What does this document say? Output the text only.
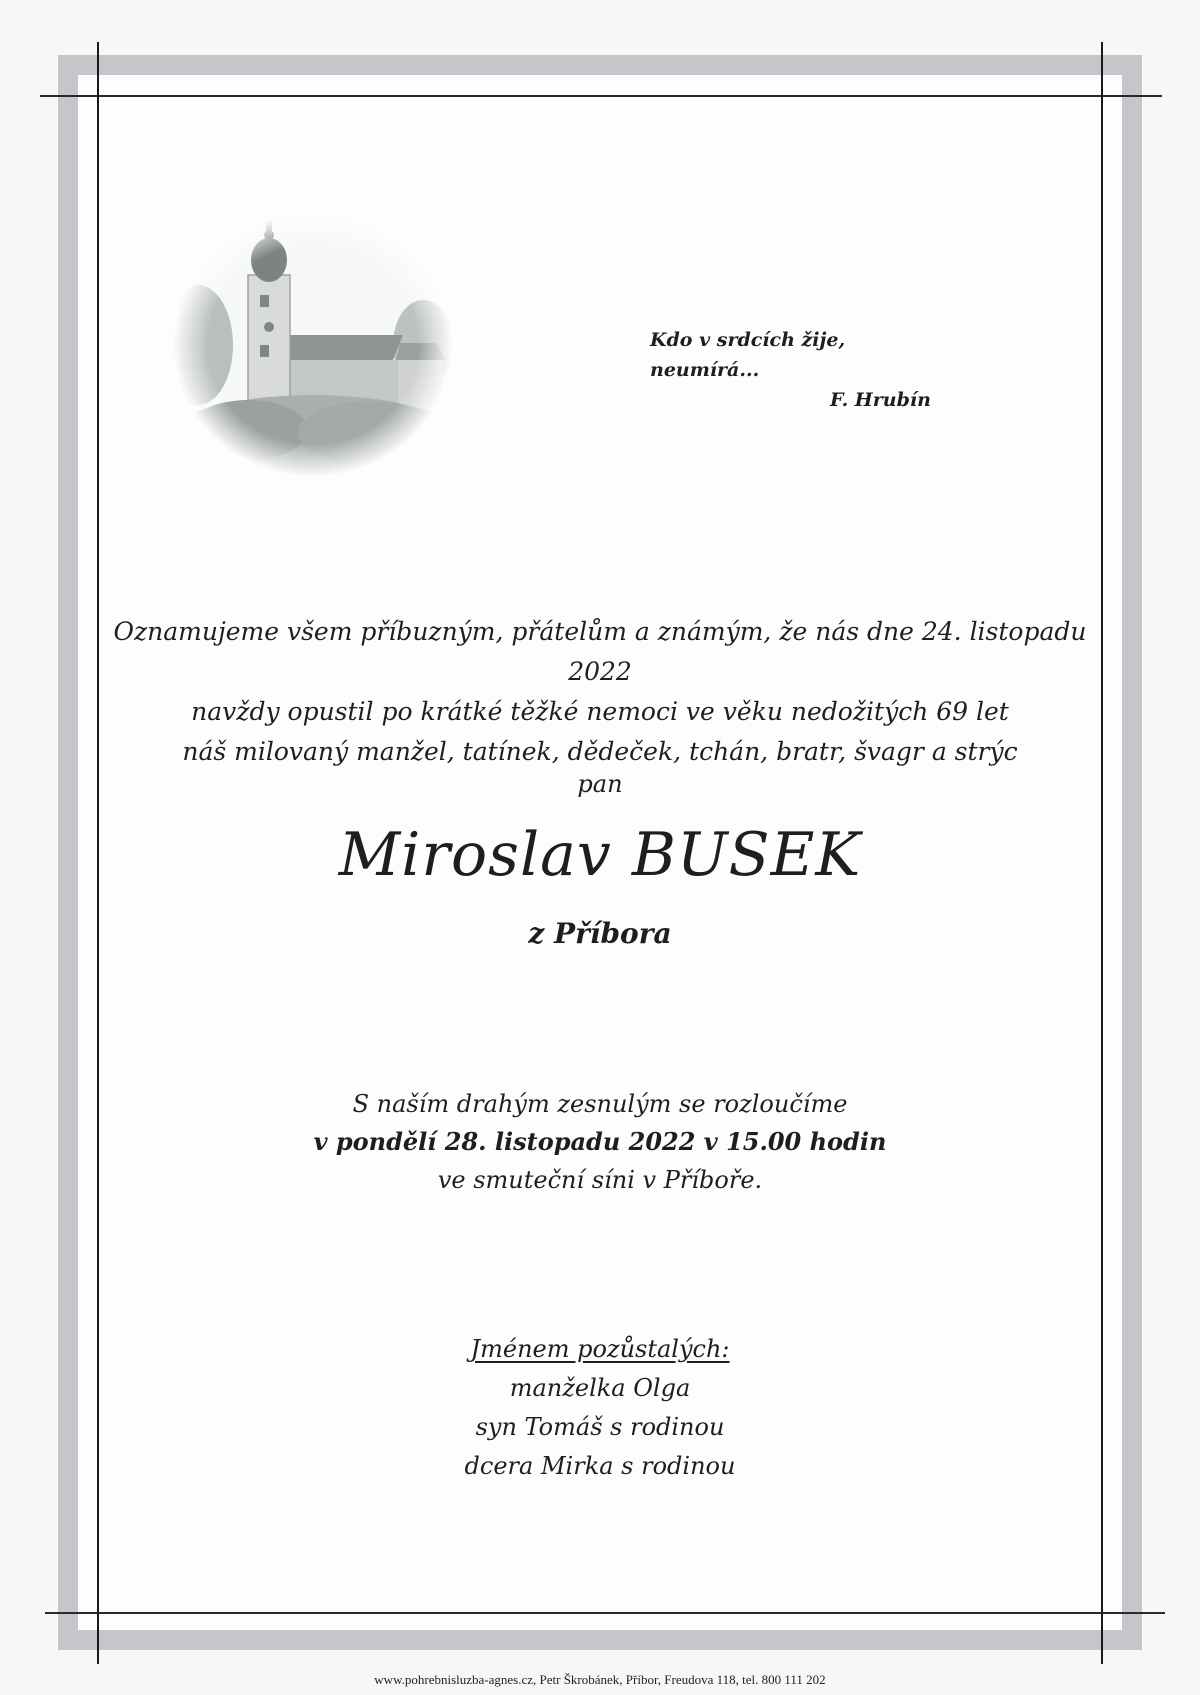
Kdo v srdcích žije, neumírá...
F. Hrubín
Oznamujeme všem příbuzným, přátelům a známým, že nás dne 24. listopadu 2022
navždy opustil po krátké těžké nemoci ve věku nedožitých 69 let
náš milovaný manžel, tatínek, dědeček, tchán, bratr, švagr a strýc
pan
Miroslav BUSEK
z Příbora
S naším drahým zesnulým se rozloučíme
v pondělí 28. listopadu 2022 v 15.00 hodin
ve smuteční síni v Příboře.
Jménem pozůstalých:
manželka Olga
syn Tomáš s rodinou
dcera Mirka s rodinou
www.pohrebnisluzba-agnes.cz, Petr Škrobánek, Příbor, Freudova 118, tel. 800 111 202
